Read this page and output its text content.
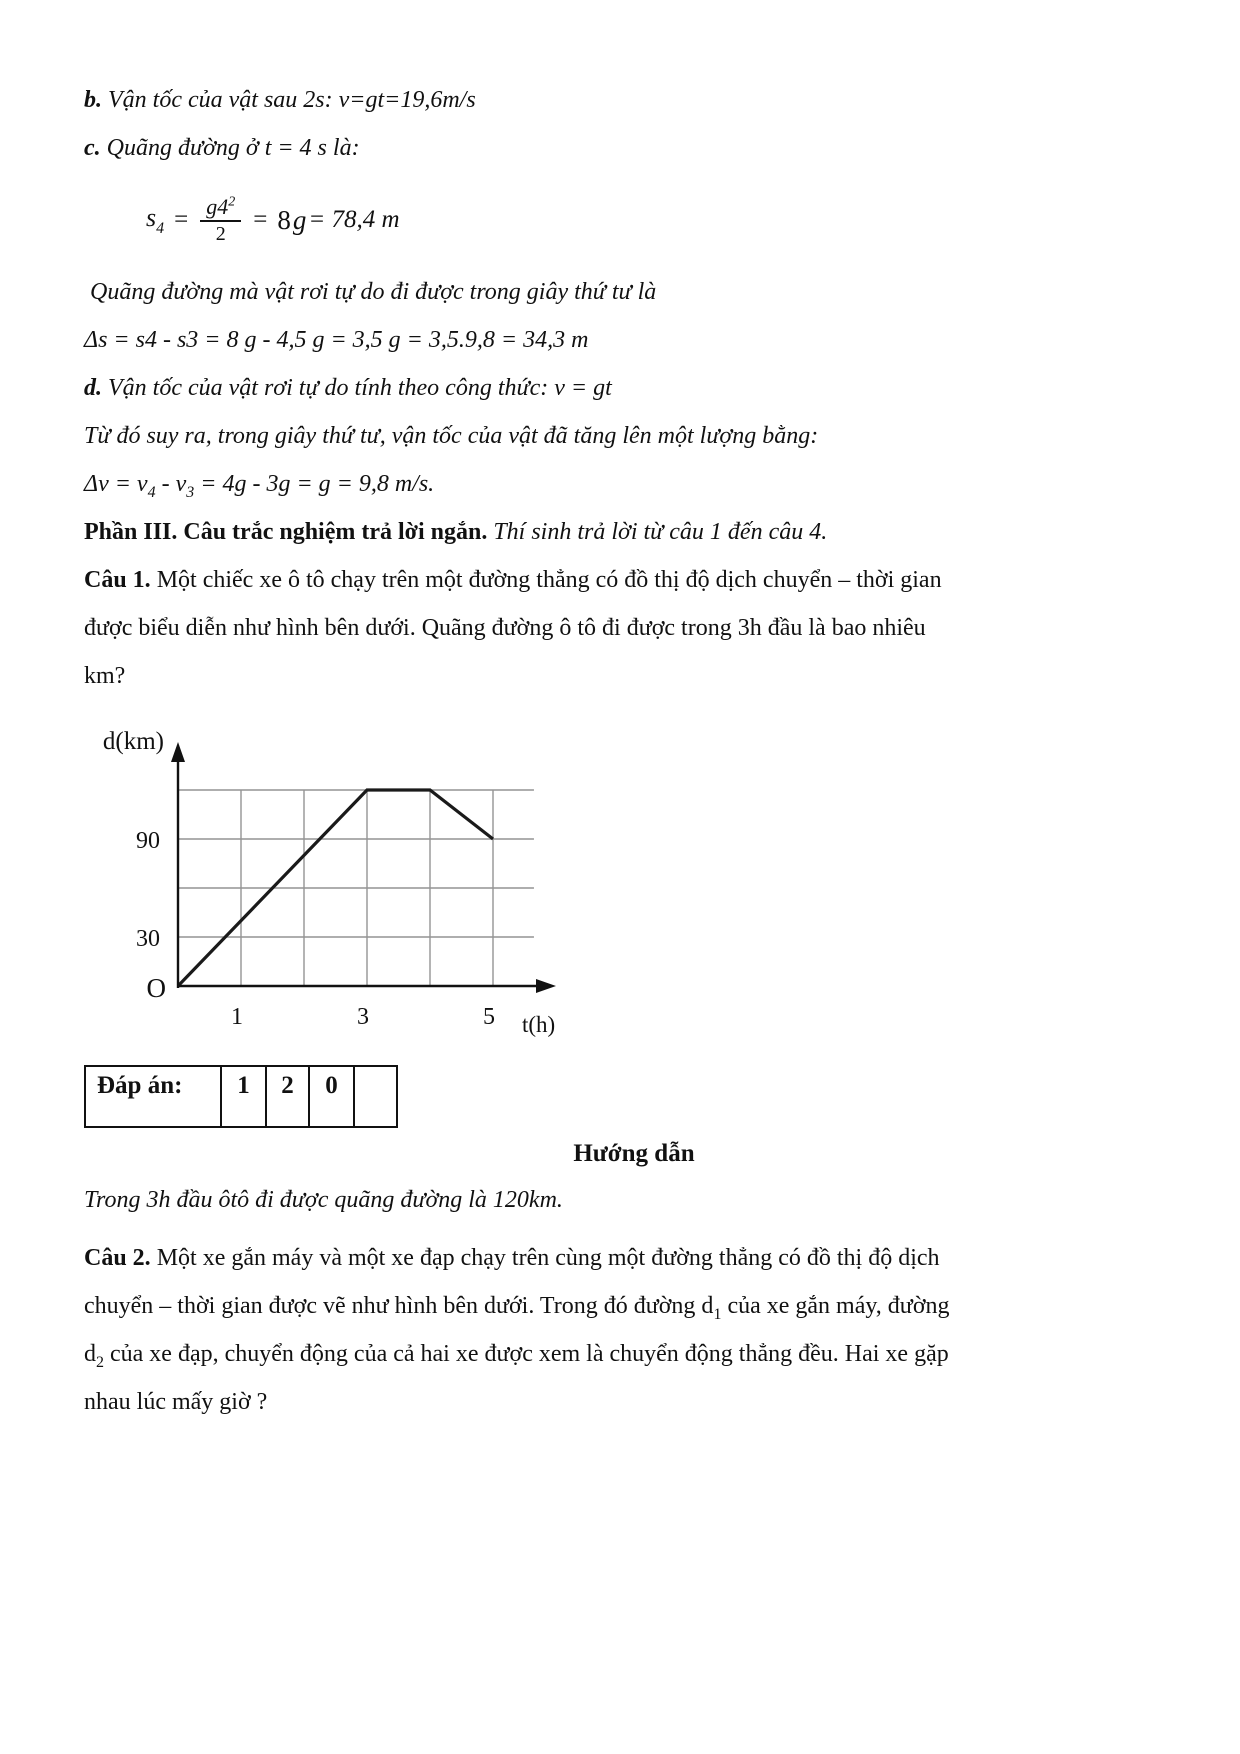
b. Vận tốc của vật sau 2s: v=gt=19,6m/s

c. Quãng đường ở t = 4 s là:

$s_4 = \frac{g4^2}{2} = 8$ g = 78,4 m

Quãng đường mà vật rơi tự do đi được trong giây thứ tư là

Δs = s4 - s3 = 8 g - 4,5 g = 3,5 g = 3,5.9,8 = 34,3 m

d. Vận tốc của vật rơi tự do tính theo công thức: v = gt

Từ đó suy ra, trong giây thứ tư, vận tốc của vật đã tăng lên một lượng bằng:

$\Delta v = v_4 - v_3 = 4g - 3g = g = 9,8$ m/s.

Phần III. Câu trắc nghiệm trả lời ngắn. Thí sinh trả lời từ câu 1 đến câu 4.

Câu 1. Một chiếc xe ô tô chạy trên một đường thẳng có đồ thị độ dịch chuyển – thời gian

được biểu diễn như hình bên dưới. Quãng đường ô tô đi được trong 3h đầu là bao nhiêu

km?

1	3	5
90
30
d(km)
O
t(h)
Đáp án:	1	2	0

Hướng dẫn

Trong 3h đầu ôtô đi được quãng đường là 120km.

Câu 2. Một xe gắn máy và một xe đạp chạy trên cùng một đường thẳng có đồ thị độ dịch

chuyển – thời gian được vẽ như hình bên dưới. Trong đó đường $d_1$ của xe gắn máy, đường

$d_2$ của xe đạp, chuyển động của cả hai xe được xem là chuyển động thẳng đều. Hai xe gặp

nhau lúc mấy giờ ?
